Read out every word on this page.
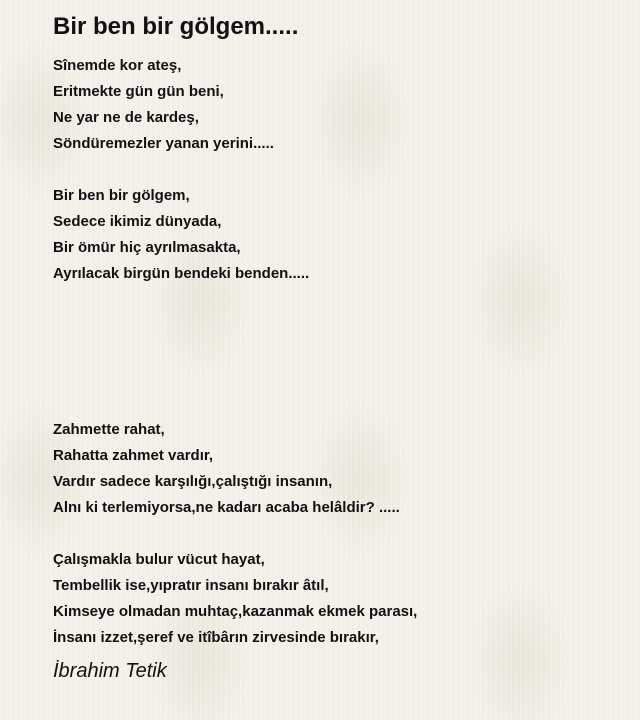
Bir ben bir gölgem.....

Sînemde kor ateş,
Eritmekte gün gün beni,
Ne yar ne de kardeş,
Söndüremezler yanan yerini.....

Bir ben bir gölgem,
Sedece ikimiz dünyada,
Bir ömür hiç ayrılmasakta,
Ayrılacak birgün bendeki benden.....

Zahmette rahat,
Rahatta zahmet vardır,
Vardır sadece karşılığı,çalıştığı insanın,
Alnı ki terlemiyorsa,ne kadarı acaba helâldir? .....

Çalışmakla bulur vücut hayat,
Tembellik ise,yıpratır insanı bırakır âtıl,
Kimseye olmadan muhtaç,kazanmak ekmek parası,
İnsanı izzet,şeref ve itîbârın zirvesinde bırakır,

İbrahim Tetik
